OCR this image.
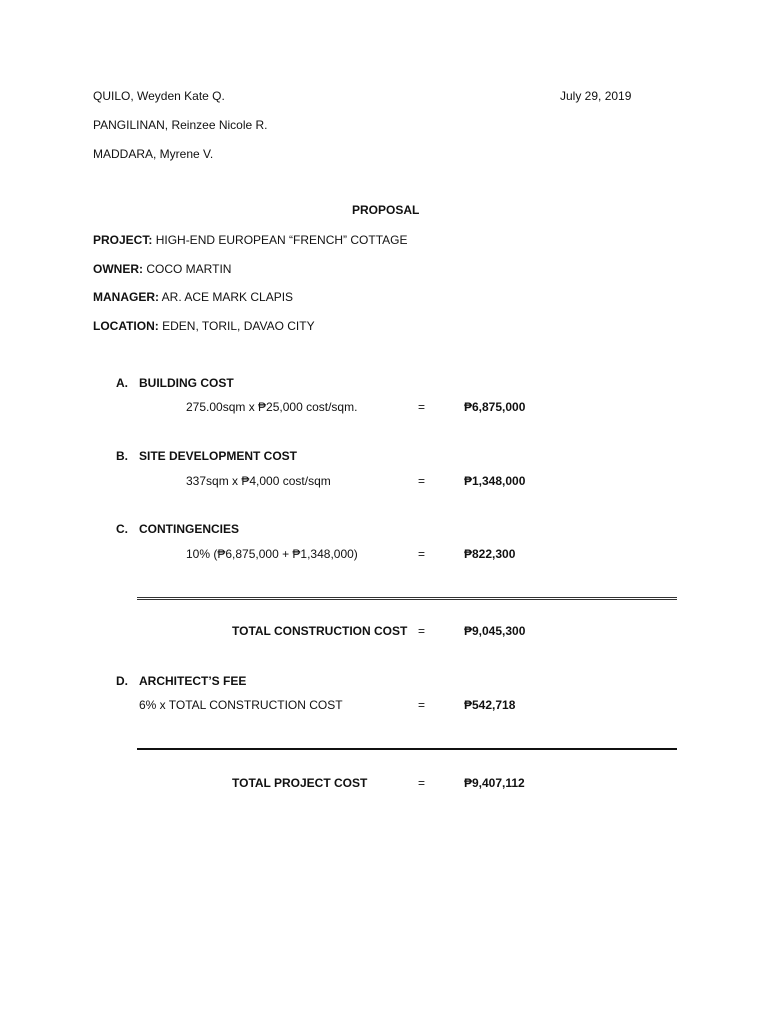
QUILO, Weyden Kate Q.	July 29, 2019
PANGILINAN, Reinzee Nicole R.
MADDARA, Myrene V.
PROPOSAL
PROJECT: HIGH-END EUROPEAN “FRENCH” COTTAGE
OWNER: COCO MARTIN
MANAGER: AR. ACE MARK CLAPIS
LOCATION: EDEN, TORIL, DAVAO CITY
A. BUILDING COST
275.00sqm x ₱25,000 cost/sqm.	=	₱6,875,000
B. SITE DEVELOPMENT COST
337sqm x ₱4,000 cost/sqm	=	₱1,348,000
C. CONTINGENCIES
10% (₱6,875,000 + ₱1,348,000)	=	₱822,300
TOTAL CONSTRUCTION COST =	₱9,045,300
D. ARCHITECT’S FEE
6% x TOTAL CONSTRUCTION COST	=	₱542,718
TOTAL PROJECT COST	=	₱9,407,112
